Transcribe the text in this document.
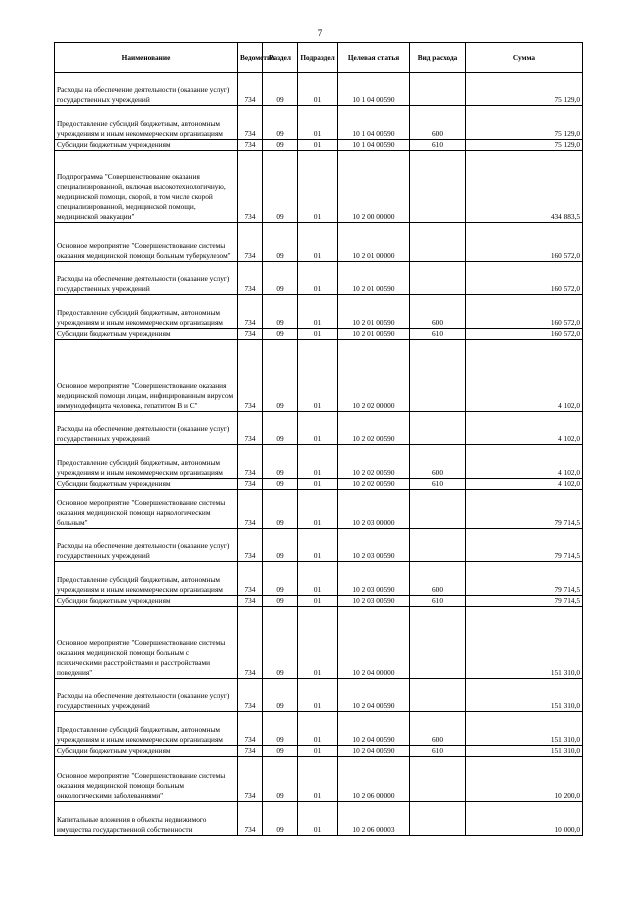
7
Наименование	Ведомство	Раздел	Подраздел	Целевая статья	Вид расхода	Сумма
Расходы на обеспечение деятельности (оказание услуг) государственных учреждений	734	09	01	10 1 04 00590		75 129,0
Предоставление субсидий бюджетным, автономным учреждениям и иным некоммерческим организациям	734	09	01	10 1 04 00590	600	75 129,0
Субсидии бюджетным учреждениям	734	09	01	10 1 04 00590	610	75 129,0
Подпрограмма "Совершенствование оказания специализированной, включая высокотехнологичную, медицинской помощи, скорой, в том числе скорой специализированной, медицинской помощи, медицинской эвакуации"	734	09	01	10 2 00 00000		434 883,5
Основное мероприятие "Совершенствование системы оказания медицинской помощи больным туберкулезом"	734	09	01	10 2 01 00000		160 572,0
Расходы на обеспечение деятельности (оказание услуг) государственных учреждений	734	09	01	10 2 01 00590		160 572,0
Предоставление субсидий бюджетным, автономным учреждениям и иным некоммерческим организациям	734	09	01	10 2 01 00590	600	160 572,0
Субсидии бюджетным учреждениям	734	09	01	10 2 01 00590	610	160 572,0
Основное мероприятие "Совершенствование оказания медицинской помощи лицам, инфицированным вирусом иммунодефицита человека, гепатитом В и С"	734	09	01	10 2 02 00000		4 102,0
Расходы на обеспечение деятельности (оказание услуг) государственных учреждений	734	09	01	10 2 02 00590		4 102,0
Предоставление субсидий бюджетным, автономным учреждениям и иным некоммерческим организациям	734	09	01	10 2 02 00590	600	4 102,0
Субсидии бюджетным учреждениям	734	09	01	10 2 02 00590	610	4 102,0
Основное мероприятие "Совершенствование системы оказания медицинской помощи наркологическим больным"	734	09	01	10 2 03 00000		79 714,5
Расходы на обеспечение деятельности (оказание услуг) государственных учреждений	734	09	01	10 2 03 00590		79 714,5
Предоставление субсидий бюджетным, автономным учреждениям и иным некоммерческим организациям	734	09	01	10 2 03 00590	600	79 714,5
Субсидии бюджетным учреждениям	734	09	01	10 2 03 00590	610	79 714,5
Основное мероприятие "Совершенствование системы оказания медицинской помощи больным с психическими расстройствами и расстройствами поведения"	734	09	01	10 2 04 00000		151 310,0
Расходы на обеспечение деятельности (оказание услуг) государственных учреждений	734	09	01	10 2 04 00590		151 310,0
Предоставление субсидий бюджетным, автономным учреждениям и иным некоммерческим организациям	734	09	01	10 2 04 00590	600	151 310,0
Субсидии бюджетным учреждениям	734	09	01	10 2 04 00590	610	151 310,0
Основное мероприятие "Совершенствование системы оказания медицинской помощи больным онкологическими заболеваниями"	734	09	01	10 2 06 00000		10 200,0
Капитальные вложения в объекты недвижимого имущества государственной собственности	734	09	01	10 2 06 00003		10 000,0
